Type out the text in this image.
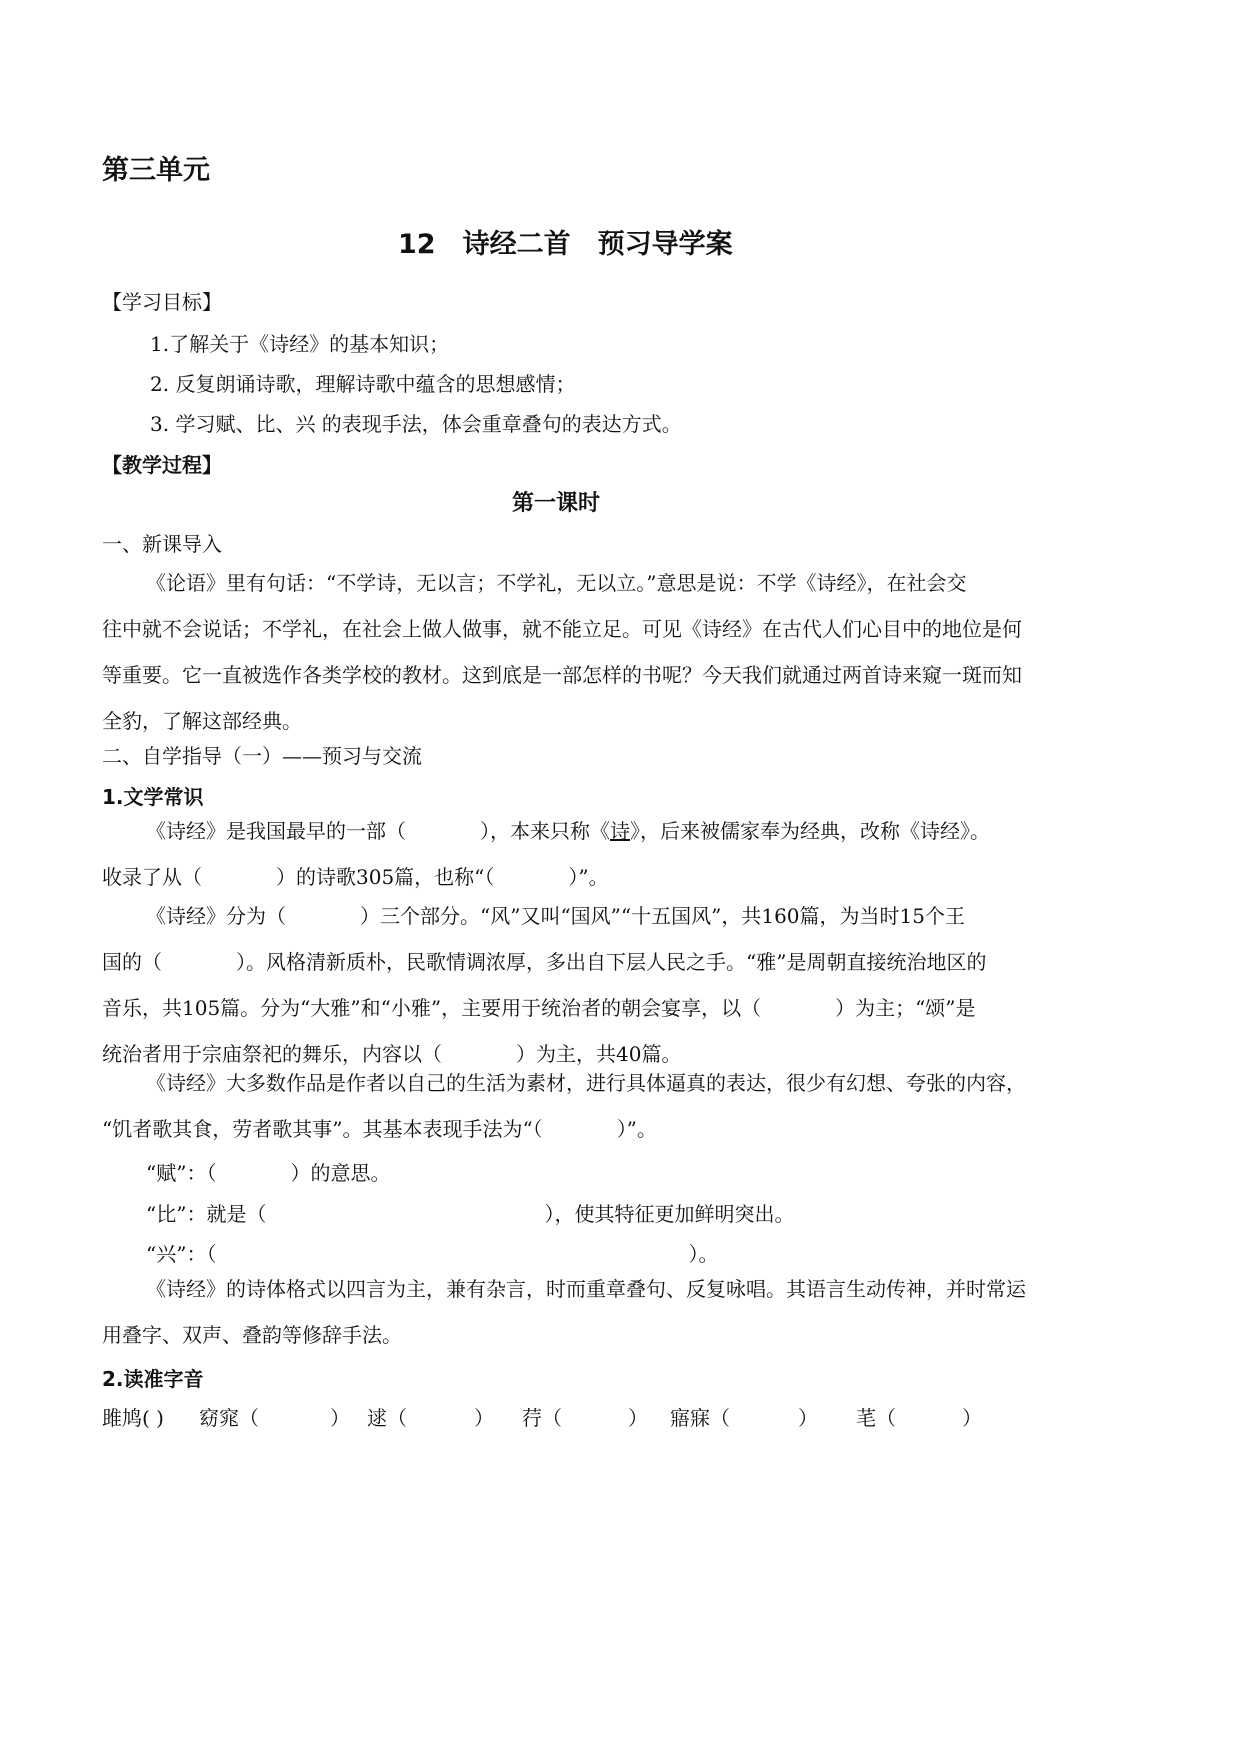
第三单元
12　诗经二首　预习导学案
【学习目标】
1.了解关于《诗经》的基本知识；
2. 反复朗诵诗歌，理解诗歌中蕴含的思想感情；
3. 学习赋、比、兴 的表现手法，体会重章叠句的表达方式。
【教学过程】
第一课时
一、新课导入
《论语》里有句话：“不学诗，无以言；不学礼，无以立。”意思是说：不学《诗经》，在社会交
往中就不会说话；不学礼，在社会上做人做事，就不能立足。可见《诗经》在古代人们心目中的地位是何
等重要。它一直被选作各类学校的教材。这到底是一部怎样的书呢？今天我们就通过两首诗来窥一斑而知
全豹，了解这部经典。
二、自学指导（一）——预习与交流
1.文学常识
《诗经》是我国最早的一部（	），本来只称《诗》，后来被儒家奉为经典，改称《诗经》。
收录了从（	）的诗歌305篇，也称“（	）”。
《诗经》分为（	）三个部分。“风”又叫“国风”“十五国风”，共160篇，为当时15个王
国的（	）。风格清新质朴，民歌情调浓厚，多出自下层人民之手。“雅”是周朝直接统治地区的
音乐，共105篇。分为“大雅”和“小雅”，主要用于统治者的朝会宴享，以（	）为主；“颂”是
统治者用于宗庙祭祀的舞乐，内容以（	）为主，共40篇。
《诗经》大多数作品是作者以自己的生活为素材，进行具体逼真的表达，很少有幻想、夸张的内容，
“饥者歌其食，劳者歌其事”。其基本表现手法为“（	）”。
“赋”：（	）的意思。
“比”：就是（	），使其特征更加鲜明突出。
“兴”：（	）。
《诗经》的诗体格式以四言为主，兼有杂言，时而重章叠句、反复咏唱。其语言生动传神，并时常运
用叠字、双声、叠韵等修辞手法。
2.读准字音
雎鸠( ) 窈窕（	） 逑（	） 荇（	） 寤寐（	） 芼（	）
